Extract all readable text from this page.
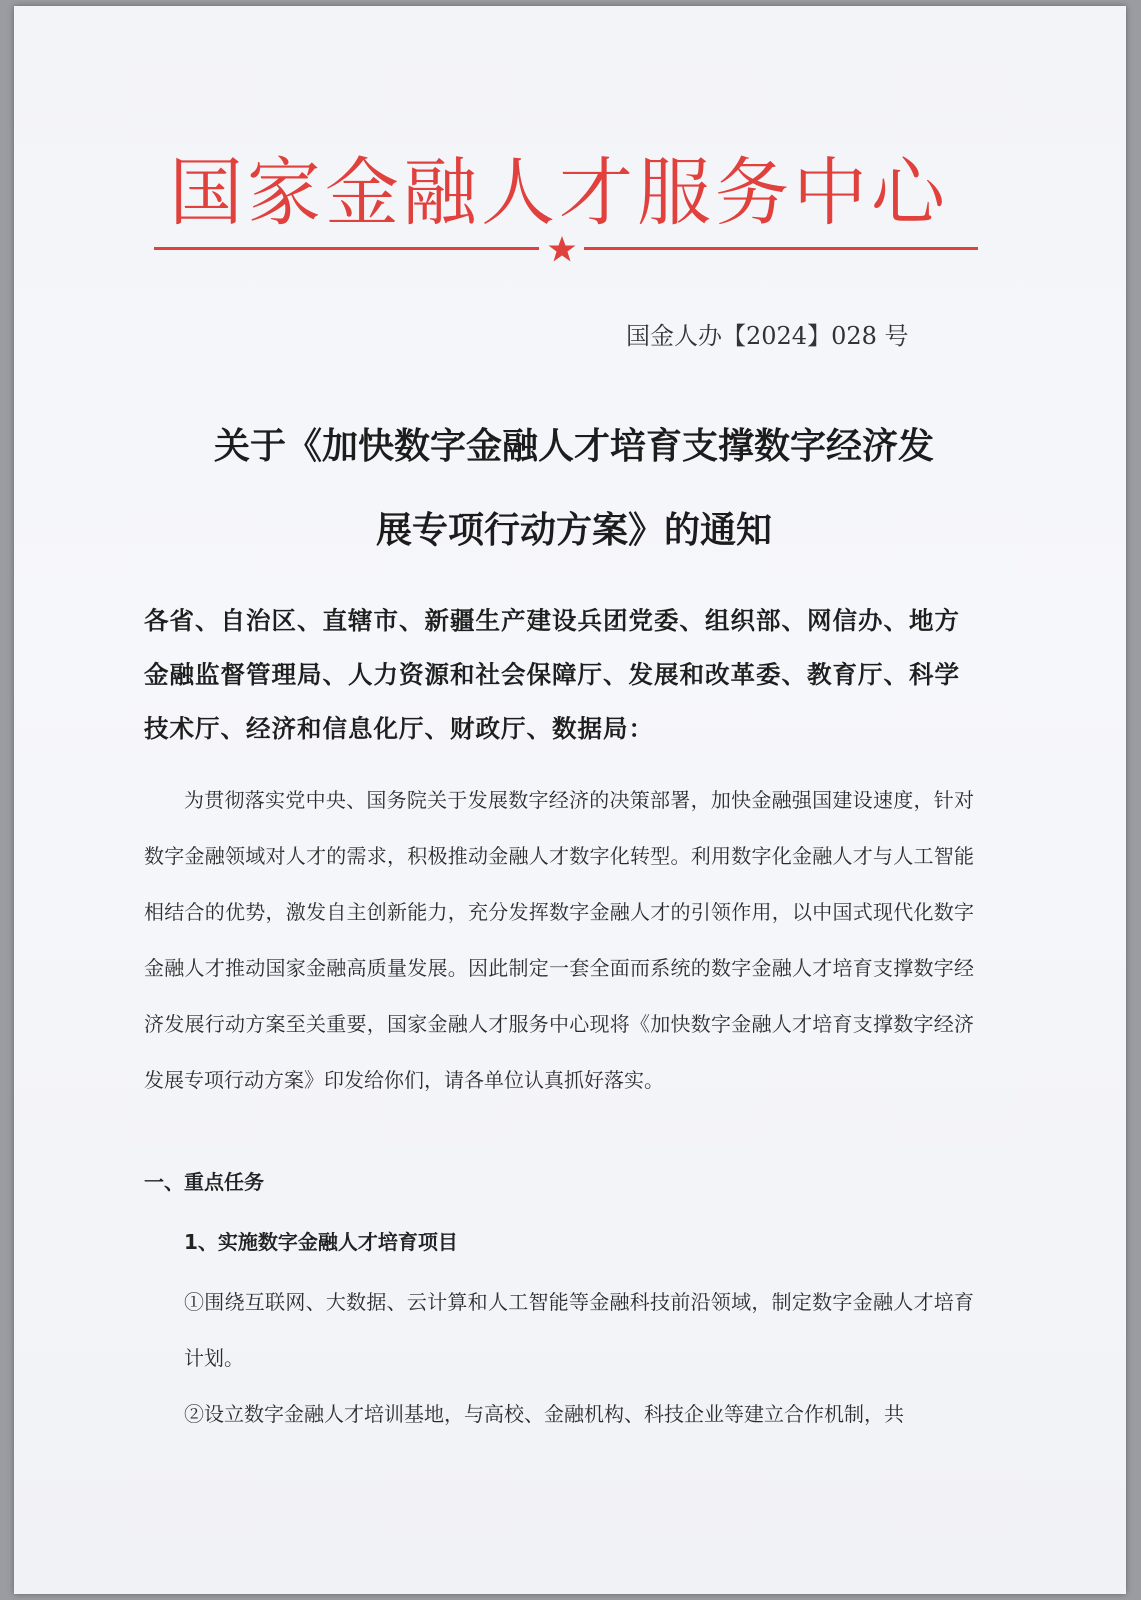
国家金融人才服务中心
国金人办【2024】028 号
关于《加快数字金融人才培育支撑数字经济发
展专项行动方案》的通知
各省、自治区、直辖市、新疆生产建设兵团党委、组织部、网信办、地方金融监督管理局、人力资源和社会保障厅、发展和改革委、教育厅、科学技术厅、经济和信息化厅、财政厅、数据局：
为贯彻落实党中央、国务院关于发展数字经济的决策部署，加快金融强国建设速度，针对数字金融领域对人才的需求，积极推动金融人才数字化转型。利用数字化金融人才与人工智能相结合的优势，激发自主创新能力，充分发挥数字金融人才的引领作用，以中国式现代化数字金融人才推动国家金融高质量发展。因此制定一套全面而系统的数字金融人才培育支撑数字经济发展行动方案至关重要，国家金融人才服务中心现将《加快数字金融人才培育支撑数字经济发展专项行动方案》印发给你们，请各单位认真抓好落实。
一、重点任务
1、实施数字金融人才培育项目
①围绕互联网、大数据、云计算和人工智能等金融科技前沿领域，制定数字金融人才培育计划。
②设立数字金融人才培训基地，与高校、金融机构、科技企业等建立合作机制，共
